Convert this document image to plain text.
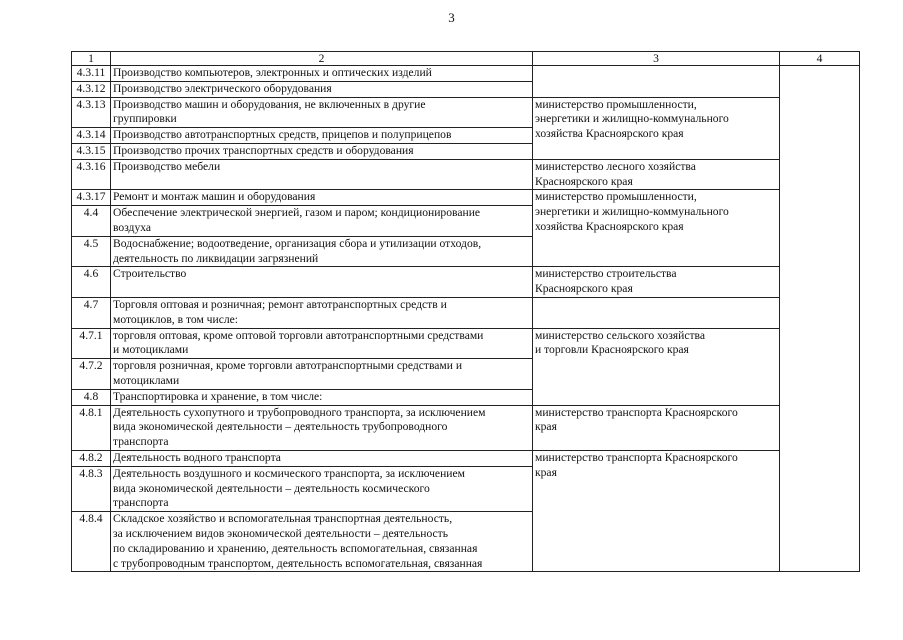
3
1	2	3	4
4.3.11	Производство компьютеров, электронных и оптических изделий		

4.3.12	Производство электрического оборудования		

4.3.13	Производство машин и оборудования, не включенных в другие
группировки	министерство промышленности,
энергетики и жилищно-коммунального
хозяйства Красноярского края	

4.3.14	Производство автотранспортных средств, прицепов и полуприцепов		

4.3.15	Производство прочих транспортных средств и оборудования		

4.3.16	Производство мебели	министерство лесного хозяйства
Красноярского края	

4.3.17	Ремонт и монтаж машин и оборудования	министерство промышленности,
энергетики и жилищно-коммунального
хозяйства Красноярского края	

4.4	Обеспечение электрической энергией, газом и паром; кондиционирование
воздуха		

4.5	Водоснабжение; водоотведение, организация сбора и утилизации отходов,
деятельность по ликвидации загрязнений		

4.6	Строительство	министерство строительства
Красноярского края	

4.7	Торговля оптовая и розничная; ремонт автотранспортных средств и
мотоциклов, в том числе:		

4.7.1	торговля оптовая, кроме оптовой торговли автотранспортными средствами
и мотоциклами	министерство сельского хозяйства
и торговли Красноярского края	

4.7.2	торговля розничная, кроме торговли автотранспортными средствами и
мотоциклами		

4.8	Транспортировка и хранение, в том числе:		

4.8.1	Деятельность сухопутного и трубопроводного транспорта, за исключением
вида экономической деятельности – деятельность трубопроводного
транспорта	министерство транспорта Красноярского
края	

4.8.2	Деятельность водного транспорта	министерство транспорта Красноярского
края	

4.8.3	Деятельность воздушного и космического транспорта, за исключением
вида экономической деятельности – деятельность космического
транспорта		

4.8.4	Складское хозяйство и вспомогательная транспортная деятельность,
за исключением видов экономической деятельности – деятельность
по складированию и хранению, деятельность вспомогательная, связанная
с трубопроводным транспортом, деятельность вспомогательная, связанная		
